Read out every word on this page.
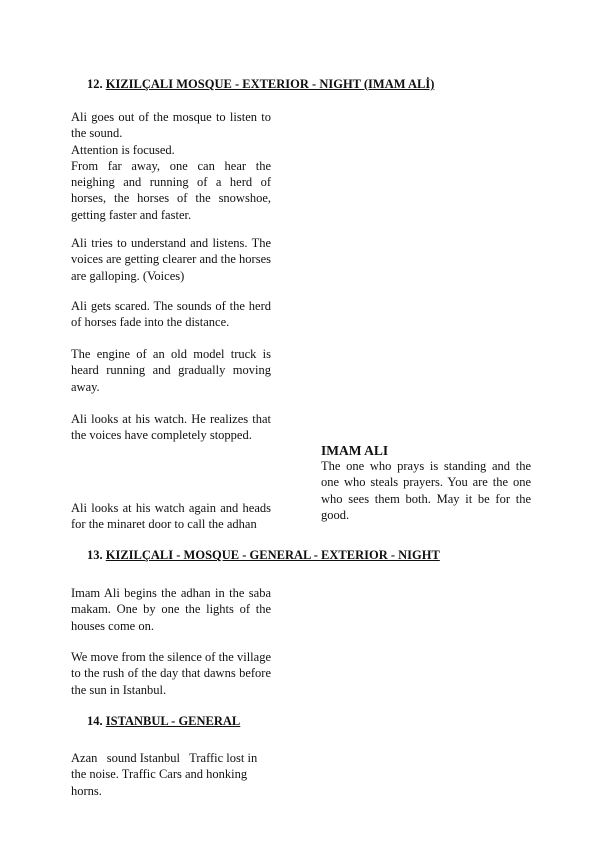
12. KIZILÇALI MOSQUE - EXTERIOR - NIGHT (IMAM ALİ)

Ali goes out of the mosque to listen to the sound.

Attention is focused.

From far away, one can hear the neighing and running of a herd of horses, the horses of the snowshoe, getting faster and faster.

Ali tries to understand and listens. The voices are getting clearer and the horses are galloping. (Voices)

Ali gets scared. The sounds of the herd of horses fade into the distance.

The engine of an old model truck is heard running and gradually moving away.

Ali looks at his watch. He realizes that the voices have completely stopped.

IMAM ALI

The one who prays is standing and the one who steals prayers. You are the one who sees them both. May it be for the good.

Ali looks at his watch again and heads for the minaret door to call the adhan

13. KIZILÇALI - MOSQUE - GENERAL - EXTERIOR - NIGHT

Imam Ali begins the adhan in the saba makam. One by one the lights of the houses come on.

We move from the silence of the village to the rush of the day that dawns before the sun in Istanbul.

14. ISTANBUL - GENERAL

Azan   sound Istanbul   Traffic lost in the noise. Traffic Cars and honking horns.
